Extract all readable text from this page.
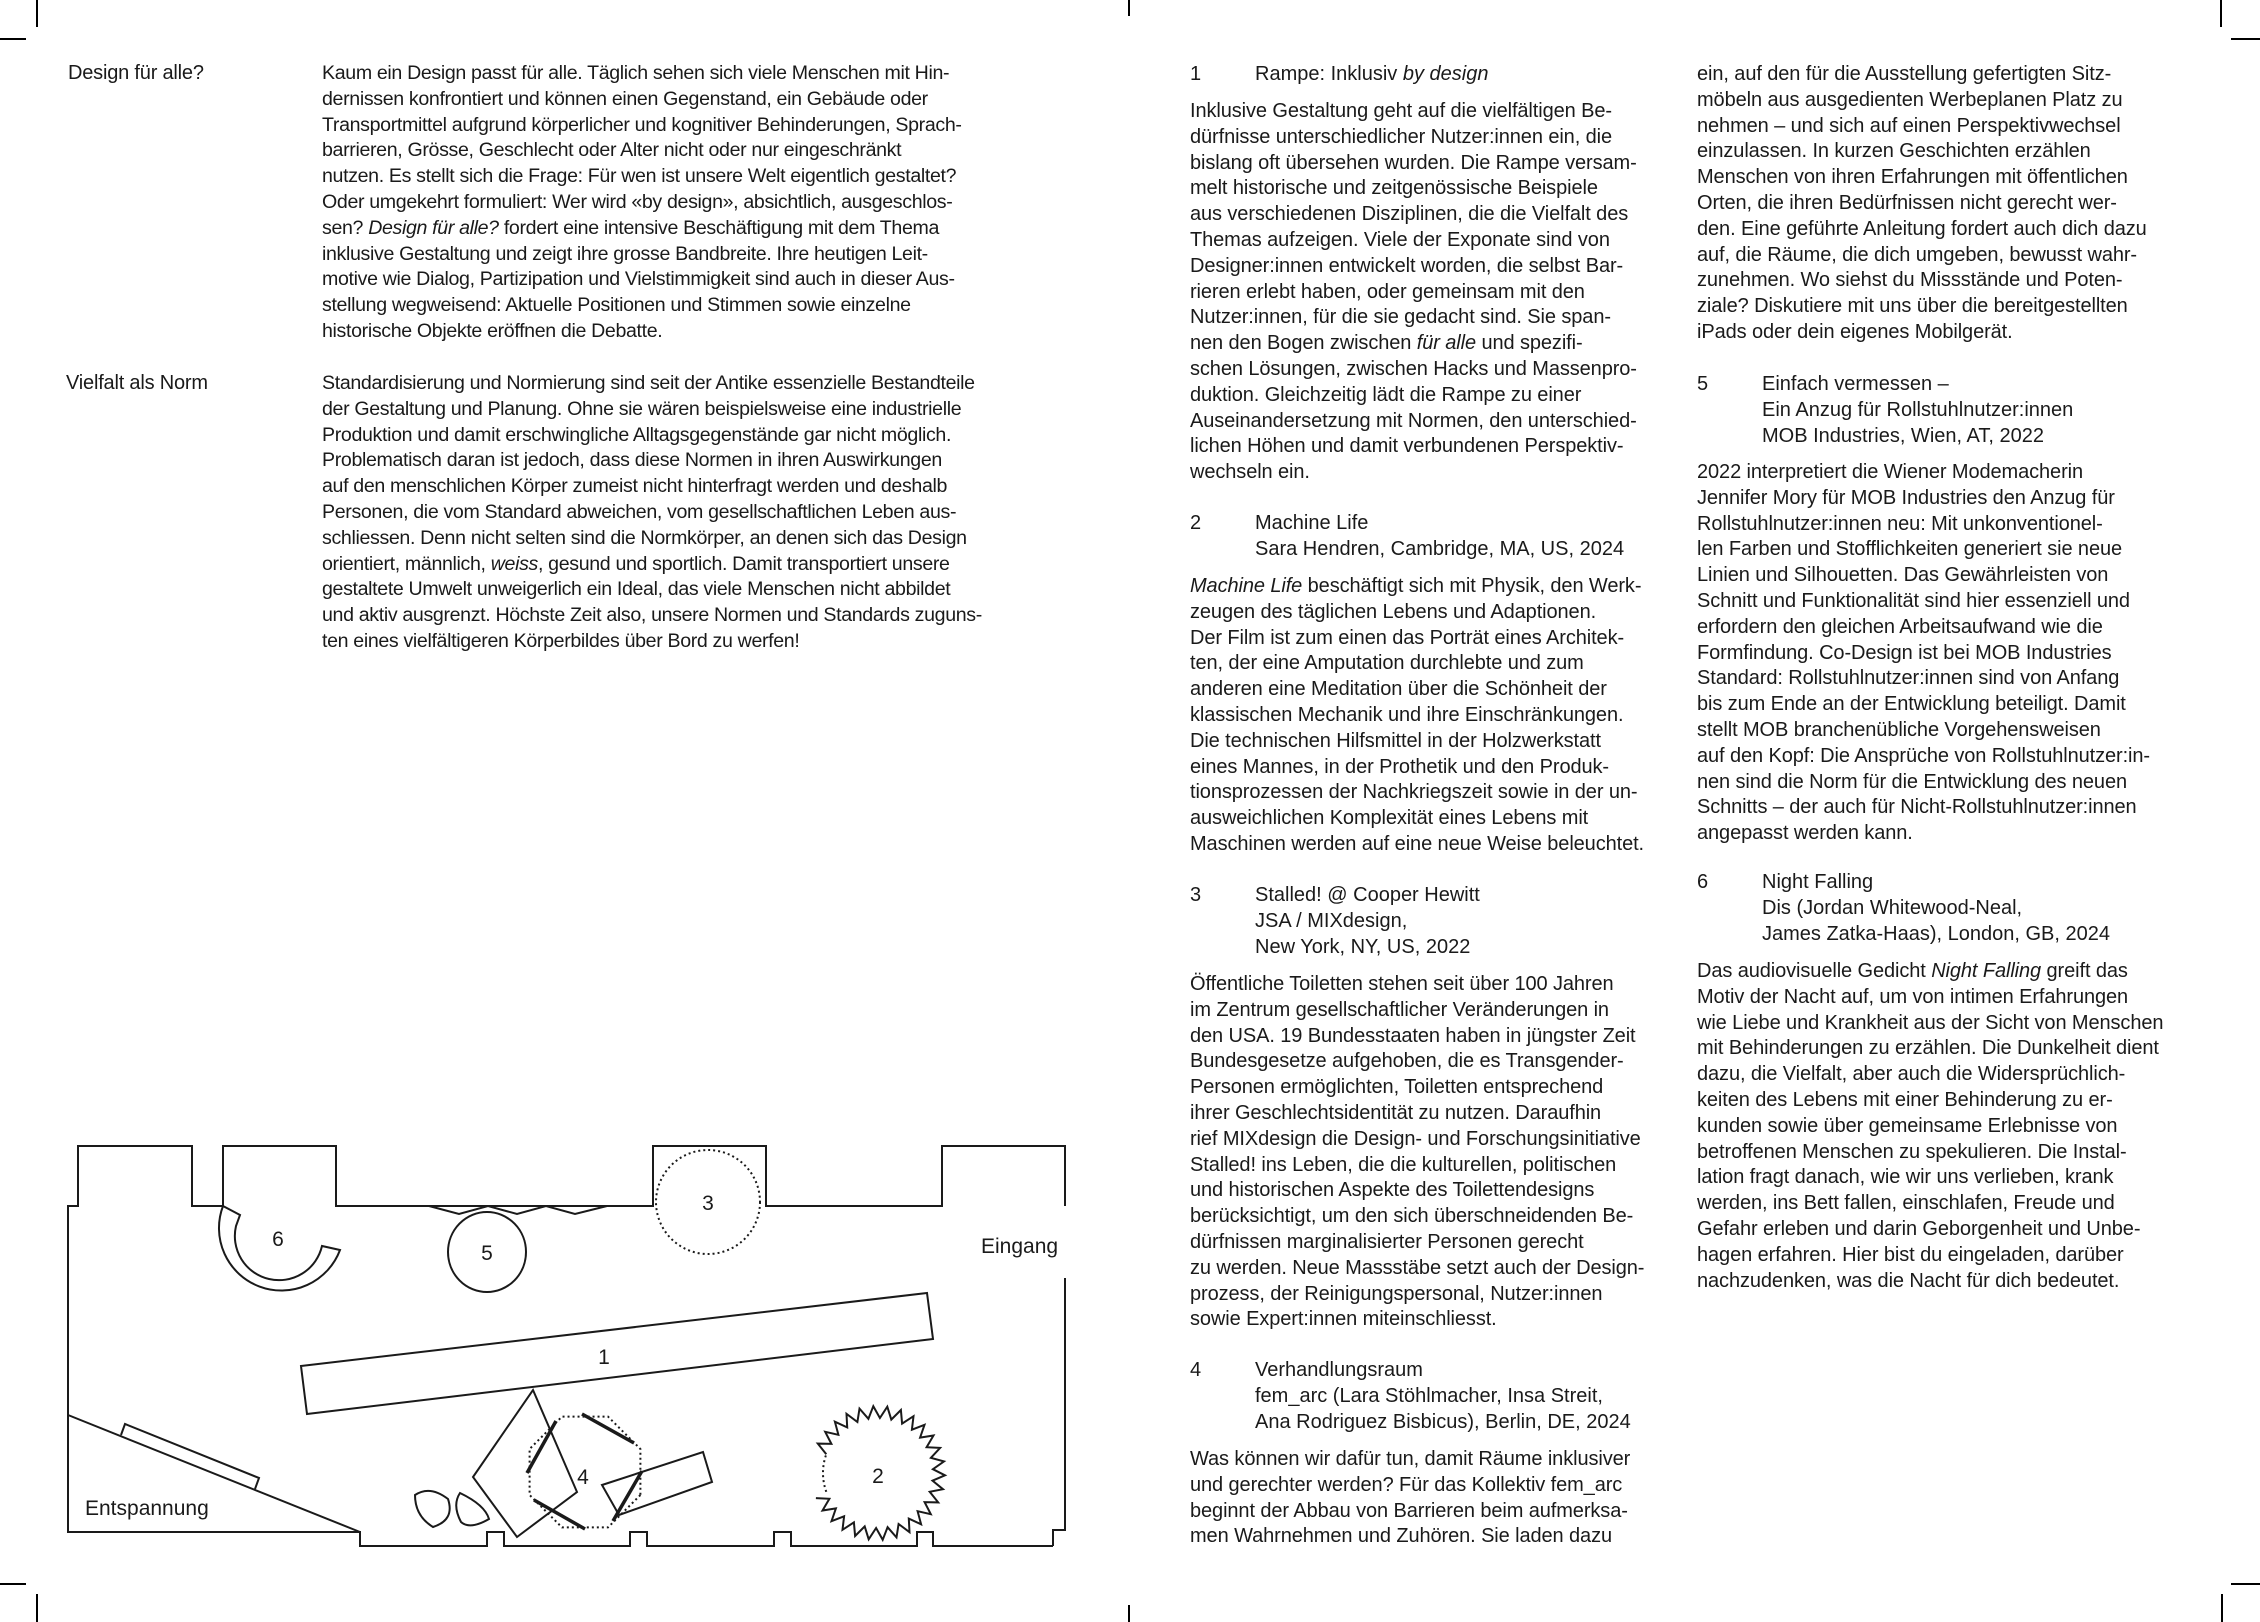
Design für alle?	Kaum ein Design passt für alle. Täglich sehen sich viele Menschen mit Hin-
dernissen konfrontiert und können einen Gegenstand, ein Gebäude oder
Transportmittel aufgrund körperlicher und kognitiver Behinderungen, Sprach-
barrieren, Grösse, Geschlecht oder Alter nicht oder nur eingeschränkt
nutzen. Es stellt sich die Frage: Für wen ist unsere Welt eigentlich gestaltet?
Oder umgekehrt formuliert: Wer wird «by design», absichtlich, ausgeschlos-
sen? Design für alle? fordert eine intensive Beschäftigung mit dem Thema
inklusive Gestaltung und zeigt ihre grosse Bandbreite. Ihre heutigen Leit-
motive wie Dialog, Partizipation und Vielstimmigkeit sind auch in dieser Aus-
stellung wegweisend: Aktuelle Positionen und Stimmen sowie einzelne
historische Objekte eröffnen die Debatte.
Vielfalt als Norm	Standardisierung und Normierung sind seit der Antike essenzielle Bestandteile
der Gestaltung und Planung. Ohne sie wären beispielsweise eine industrielle
Produktion und damit erschwingliche Alltagsgegenstände gar nicht möglich.
Problematisch daran ist jedoch, dass diese Normen in ihren Auswirkungen
auf den menschlichen Körper zumeist nicht hinterfragt werden und deshalb
Personen, die vom Standard abweichen, vom gesellschaftlichen Leben aus-
schliessen. Denn nicht selten sind die Normkörper, an denen sich das Design
orientiert, männlich, weiss, gesund und sportlich. Damit transportiert unsere
gestaltete Umwelt unweigerlich ein Ideal, das viele Menschen nicht abbildet
und aktiv ausgrenzt. Höchste Zeit also, unsere Normen und Standards zuguns-
ten eines vielfältigeren Körperbildes über Bord zu werfen!
1
2
3
4
5
6	Eingang
Entspannung
1	Rampe: Inklusiv by design
Inklusive Gestaltung geht auf die vielfältigen Be-
dürfnisse unterschiedlicher Nutzer:innen ein, die
bislang oft übersehen wurden. Die Rampe versam-
melt historische und zeitgenössische Beispiele
aus verschiedenen Disziplinen, die die Vielfalt des
Themas aufzeigen. Viele der Exponate sind von
Designer:innen entwickelt worden, die selbst Bar-
rieren erlebt haben, oder gemeinsam mit den
Nutzer:innen, für die sie gedacht sind. Sie span-
nen den Bogen zwischen für alle und spezifi-
schen Lösungen, zwischen Hacks und Massenpro-
duktion. Gleichzeitig lädt die Rampe zu einer
Auseinandersetzung mit Normen, den unterschied-
lichen Höhen und damit verbundenen Perspektiv-
wechseln ein.
2	Machine Life
Sara Hendren, Cambridge, MA, US, 2024
Machine Life beschäftigt sich mit Physik, den Werk-
zeugen des täglichen Lebens und Adaptionen.
Der Film ist zum einen das Porträt eines Architek-
ten, der eine Amputation durchlebte und zum
anderen eine Meditation über die Schönheit der
klassischen Mechanik und ihre Einschränkungen.
Die technischen Hilfsmittel in der Holzwerkstatt
eines Mannes, in der Prothetik und den Produk-
tionsprozessen der Nachkriegszeit sowie in der un-
ausweichlichen Komplexität eines Lebens mit
Maschinen werden auf eine neue Weise beleuchtet.
3	Stalled! @ Cooper Hewitt
JSA / MIXdesign,
New York, NY, US, 2022
Öffentliche Toiletten stehen seit über 100 Jahren
im Zentrum gesellschaftlicher Veränderungen in
den USA. 19 Bundesstaaten haben in jüngster Zeit
Bundesgesetze aufgehoben, die es Transgender-
Personen ermöglichten, Toiletten entsprechend
ihrer Geschlechtsidentität zu nutzen. Daraufhin
rief MIXdesign die Design- und Forschungsinitiative
Stalled! ins Leben, die die kulturellen, politischen
und historischen Aspekte des Toilettendesigns
berücksichtigt, um den sich überschneidenden Be-
dürfnissen marginalisierter Personen gerecht
zu werden. Neue Massstäbe setzt auch der Design-
prozess, der Reinigungspersonal, Nutzer:innen
sowie Expert:innen miteinschliesst.
4	Verhandlungsraum
fem_arc (Lara Stöhlmacher, Insa Streit,
Ana Rodriguez Bisbicus), Berlin, DE, 2024
Was können wir dafür tun, damit Räume inklusiver
und gerechter werden? Für das Kollektiv fem_arc
beginnt der Abbau von Barrieren beim aufmerksa-
men Wahrnehmen und Zuhören. Sie laden dazu
ein, auf den für die Ausstellung gefertigten Sitz-
möbeln aus ausgedienten Werbeplanen Platz zu
nehmen – und sich auf einen Perspektivwechsel
einzulassen. In kurzen Geschichten erzählen
Menschen von ihren Erfahrungen mit öffentlichen
Orten, die ihren Bedürfnissen nicht gerecht wer-
den. Eine geführte Anleitung fordert auch dich dazu
auf, die Räume, die dich umgeben, bewusst wahr-
zunehmen. Wo siehst du Missstände und Poten-
ziale? Diskutiere mit uns über die bereitgestellten
iPads oder dein eigenes Mobilgerät.
5	Einfach vermessen –
Ein Anzug für Rollstuhlnutzer:innen
MOB Industries, Wien, AT, 2022
2022 interpretiert die Wiener Modemacherin
Jennifer Mory für MOB Industries den Anzug für
Rollstuhlnutzer:innen neu: Mit unkonventionel-
len Farben und Stofflichkeiten generiert sie neue
Linien und Silhouetten. Das Gewährleisten von
Schnitt und Funktionalität sind hier essenziell und
erfordern den gleichen Arbeitsaufwand wie die
Formfindung. Co-Design ist bei MOB Industries
Standard: Rollstuhlnutzer:innen sind von Anfang
bis zum Ende an der Entwicklung beteiligt. Damit
stellt MOB branchenübliche Vorgehensweisen
auf den Kopf: Die Ansprüche von Rollstuhlnutzer:in-
nen sind die Norm für die Entwicklung des neuen
Schnitts – der auch für Nicht-Rollstuhlnutzer:innen
angepasst werden kann.
6	Night Falling
Dis (Jordan Whitewood-Neal,
James Zatka-Haas), London, GB, 2024
Das audiovisuelle Gedicht Night Falling greift das
Motiv der Nacht auf, um von intimen Erfahrungen
wie Liebe und Krankheit aus der Sicht von Menschen
mit Behinderungen zu erzählen. Die Dunkelheit dient
dazu, die Vielfalt, aber auch die Widersprüchlich-
keiten des Lebens mit einer Behinderung zu er-
kunden sowie über gemeinsame Erlebnisse von
betroffenen Menschen zu spekulieren. Die Instal-
lation fragt danach, wie wir uns verlieben, krank
werden, ins Bett fallen, einschlafen, Freude und
Gefahr erleben und darin Geborgenheit und Unbe-
hagen erfahren. Hier bist du eingeladen, darüber
nachzudenken, was die Nacht für dich bedeutet.
